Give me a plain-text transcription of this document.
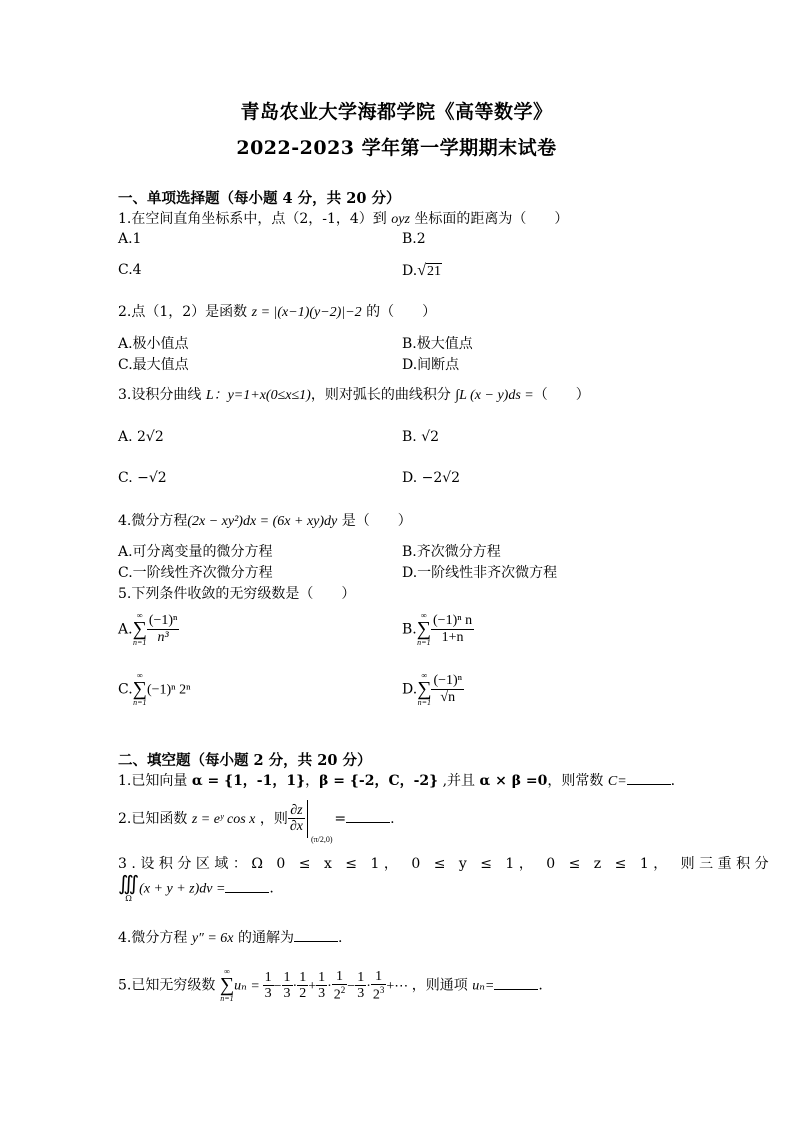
青岛农业大学海都学院《高等数学》
2022-2023 学年第一学期期末试卷
一、单项选择题（每小题 4 分，共 20 分）
1.在空间直角坐标系中，点（2，-1，4）到 oyz 坐标面的距离为（　　）
A.1	B.2
C.4	D.√21
2.点（1，2）是函数 z = |(x−1)(y−2)|−2 的（　　）
A.极小值点	B.极大值点
C.最大值点	D.间断点
3.设积分曲线 L：y=1+x(0≤x≤1)，则对弧长的曲线积分 ∫L (x − y)ds =（　　）
A. 2√2	B. √2
C. −√2	D. −2√2
4.微分方程(2x − xy²)dx = (6x + xy)dy 是（　　）
A.可分离变量的微分方程	B.齐次微分方程
C.一阶线性齐次微分方程	D.一阶线性非齐次微方程
5.下列条件收敛的无穷级数是（　　）
A.
∞
∑
$n=1 \frac{\text{(−1)ⁿ}}{\text{n³}}$	B.
∞
∑
$n=1 \frac{\text{(−1)ⁿ n}}{1+n}$
C.
∞
∑
n=1
(−1)ⁿ 2ⁿ	D.
∞
∑
$n=1 \frac{\text{(−1)ⁿ}}{√n}$
二、填空题（每小题 2 分，共 20 分）
1.已知向量 α = {1，-1，1}，β = {-2，C，-2} ,并且 α × β =0，则常数 C=	.
2.已知函数 z = eʸ cos x ，则 $\frac{\partial z}{\partial x}$
(π/2,0)
=	.
3.设积分区域：Ω 0 ≤ x ≤ 1， 0 ≤ y ≤ 1， 0 ≤ z ≤ 1， 则三重积分
∭
Ω
(x + y + z)dv =	.
4.微分方程 y″ = 6x 的通解为	.
5.已知无穷级数
∞
∑
n=1
$u_n = \frac{1}{3} - \frac{1}{3} \cdot \frac{1}{2} + \frac{1}{3} \cdot \frac{1}{2^2} - \frac{1}{3} \cdot \frac{1}{2^3}$ +⋯ ，则通项 uₙ=	.
